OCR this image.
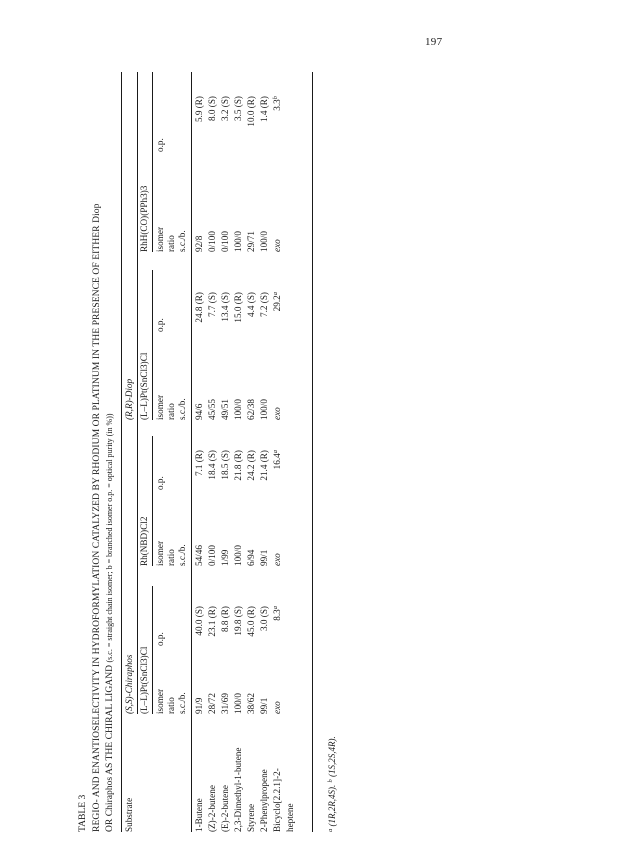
197
TABLE 3 REGIO- AND ENANTIOSELECTIVITY IN HYDROFORMYLATION CATALYZED BY RHODIUM OR PLATINUM IN THE PRESENCE OF EITHER Diop OR Chiraphos AS THE CHIRAL LIGAND (s.c. = straight chain isomer; b = branched isomer o.p. = optical purity (in %))
Substrate
(S,S)-Chiraphos
(R,R)-Diop
(L–L)Pt(SnCl3)Cl
Rh(NBD)Cl2
(L–L)Pt(SnCl3)Cl
RhH(CO)(PPh3)3
isomer ratio s.c./b.
o.p.
isomer ratio s.c./b.
o.p.
isomer ratio s.c./b.
o.p.
isomer ratio s.c./b.
o.p.
1-Butene
91/9
40.0 (S)
54/46
7.1 (R)
94/6
24.8 (R)
92/8
5.9 (R)
(Z)-2-butene
28/72
23.1 (R)
0/100
18.4 (S)
45/55
7.7 (S)
0/100
8.0 (S)
(E)-2-butene
31/69
8.8 (R)
1/99
18.5 (S)
49/51
13.4 (S)
0/100
3.2 (S)
2,3-Dimethyl-1-butene
100/0
19.8 (S)
100/0
21.8 (R)
100/0
15.0 (R)
100/0
3.5 (S)
Styrene
38/62
45.0 (R)
6/94
24.2 (R)
62/38
4.4 (S)
29/71
10.0 (R)
2-Phenylpropene
99/1
3.0 (S)
99/1
21.4 (R)
100/0
7.2 (S)
100/0
1.4 (R)
Bicyclo[2.2.1]-2-
exo
8.3$^a$
exo
16.4$^a$
exo
29.2$^a$
exo
3.3$^b$
heptene	$^a$ (1R,2R,4S). $^b$ (1S,2S,4R).
